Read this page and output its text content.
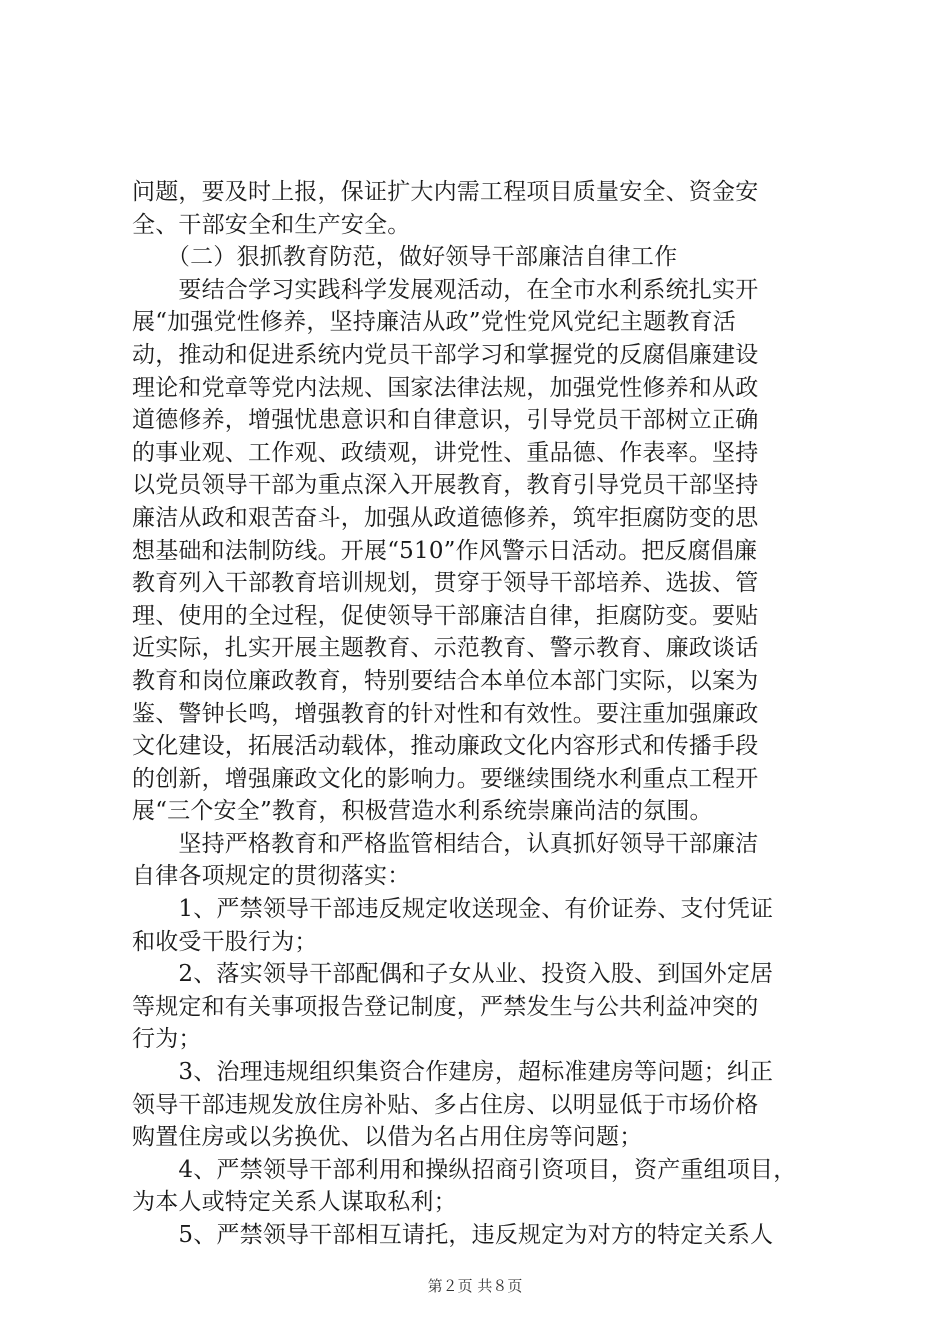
问题，要及时上报，保证扩大内需工程项目质量安全、资金安
全、干部安全和生产安全。
　　（二）狠抓教育防范，做好领导干部廉洁自律工作
　　要结合学习实践科学发展观活动，在全市水利系统扎实开
展“加强党性修养，坚持廉洁从政”党性党风党纪主题教育活
动，推动和促进系统内党员干部学习和掌握党的反腐倡廉建设
理论和党章等党内法规、国家法律法规，加强党性修养和从政
道德修养，增强忧患意识和自律意识，引导党员干部树立正确
的事业观、工作观、政绩观，讲党性、重品德、作表率。坚持
以党员领导干部为重点深入开展教育，教育引导党员干部坚持
廉洁从政和艰苦奋斗，加强从政道德修养，筑牢拒腐防变的思
想基础和法制防线。开展“510”作风警示日活动。把反腐倡廉
教育列入干部教育培训规划，贯穿于领导干部培养、选拔、管
理、使用的全过程，促使领导干部廉洁自律，拒腐防变。要贴
近实际，扎实开展主题教育、示范教育、警示教育、廉政谈话
教育和岗位廉政教育，特别要结合本单位本部门实际，以案为
鉴、警钟长鸣，增强教育的针对性和有效性。要注重加强廉政
文化建设，拓展活动载体，推动廉政文化内容形式和传播手段
的创新，增强廉政文化的影响力。要继续围绕水利重点工程开
展“三个安全”教育，积极营造水利系统崇廉尚洁的氛围。
　　坚持严格教育和严格监管相结合，认真抓好领导干部廉洁
自律各项规定的贯彻落实：
　　1、严禁领导干部违反规定收送现金、有价证券、支付凭证
和收受干股行为；
　　2、落实领导干部配偶和子女从业、投资入股、到国外定居
等规定和有关事项报告登记制度，严禁发生与公共利益冲突的
行为；
　　3、治理违规组织集资合作建房，超标准建房等问题；纠正
领导干部违规发放住房补贴、多占住房、以明显低于市场价格
购置住房或以劣换优、以借为名占用住房等问题；
　　4、严禁领导干部利用和操纵招商引资项目，资产重组项目，
为本人或特定关系人谋取私利；
　　5、严禁领导干部相互请托，违反规定为对方的特定关系人
第２页 共８页
